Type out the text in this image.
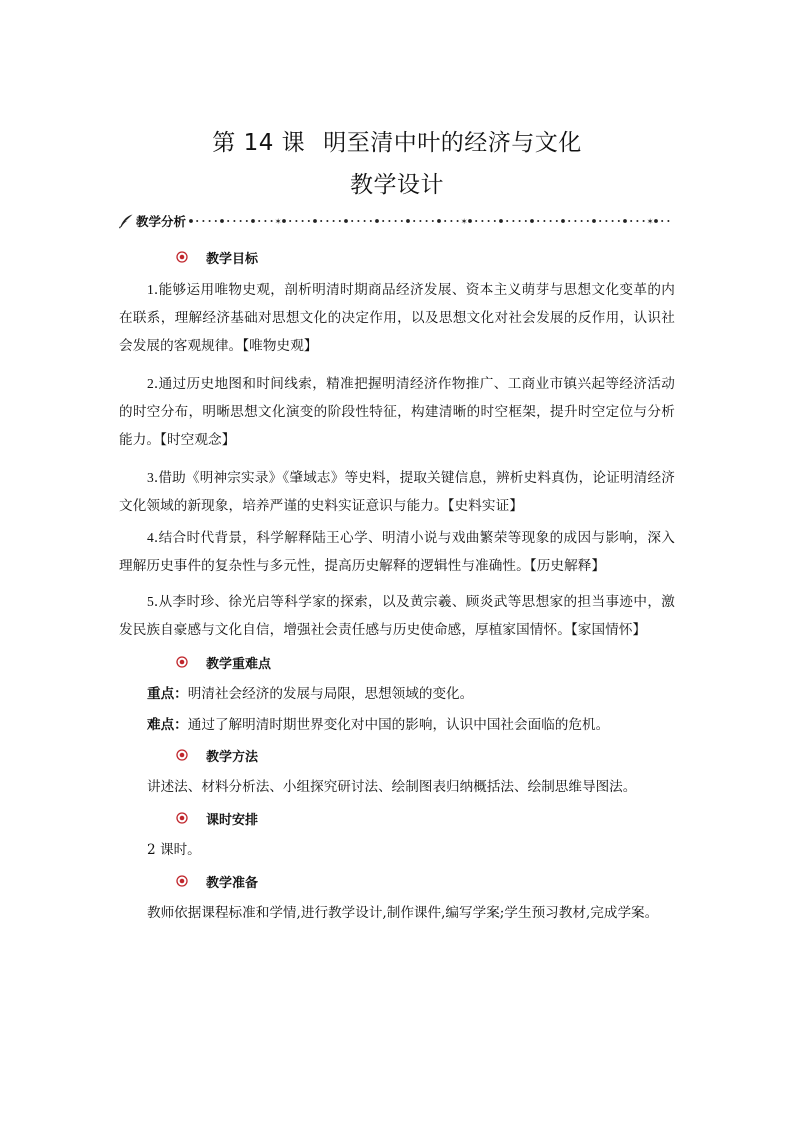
第 14 课 明至清中叶的经济与文化
教学设计
教学分析	✶	✶	✶
教学目标
1.能够运用唯物史观，剖析明清时期商品经济发展、资本主义萌芽与思想文化变革的内在联系，理解经济基础对思想文化的决定作用，以及思想文化对社会发展的反作用，认识社会发展的客观规律。【唯物史观】
2.通过历史地图和时间线索，精准把握明清经济作物推广、工商业市镇兴起等经济活动的时空分布，明晰思想文化演变的阶段性特征，构建清晰的时空框架，提升时空定位与分析能力。【时空观念】
3.借助《明神宗实录》《肇域志》等史料，提取关键信息，辨析史料真伪，论证明清经济文化领域的新现象，培养严谨的史料实证意识与能力。【史料实证】
4.结合时代背景，科学解释陆王心学、明清小说与戏曲繁荣等现象的成因与影响，深入理解历史事件的复杂性与多元性，提高历史解释的逻辑性与准确性。【历史解释】
5.从李时珍、徐光启等科学家的探索，以及黄宗羲、顾炎武等思想家的担当事迹中，激发民族自豪感与文化自信，增强社会责任感与历史使命感，厚植家国情怀。【家国情怀】
教学重难点
重点：明清社会经济的发展与局限，思想领域的变化。
难点：通过了解明清时期世界变化对中国的影响，认识中国社会面临的危机。
教学方法
讲述法、材料分析法、小组探究研讨法、绘制图表归纳概括法、绘制思维导图法。
课时安排
2 课时。
教学准备
教师依据课程标准和学情,进行教学设计,制作课件,编写学案;学生预习教材,完成学案。
